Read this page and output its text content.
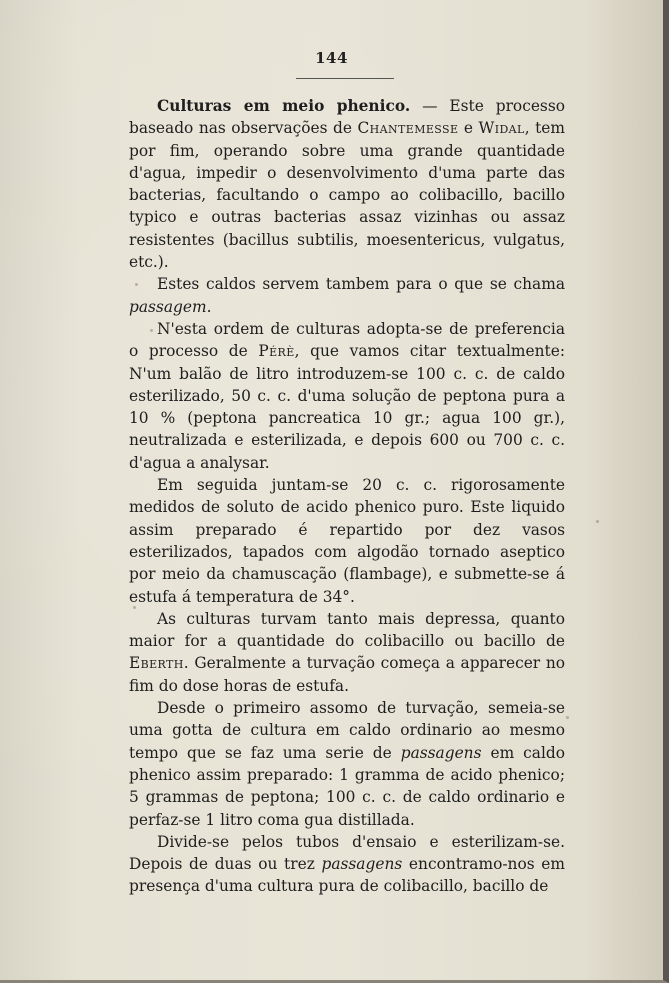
144

Culturas em meio phenico. — Este processo baseado nas observações de Chantemesse e Widal, tem por fim, operando sobre uma grande quantidade d'agua, impedir o desenvolvimento d'uma parte das bacterias, facultando o campo ao colibacillo, bacillo typico e outras bacterias assaz vizinhas ou assaz resistentes (bacillus subtilis, moesentericus, vulgatus, etc.).

Estes caldos servem tambem para o que se chama passagem.

N'esta ordem de culturas adopta-se de preferencia o processo de Pérè, que vamos citar textualmente: N'um balão de litro introduzem-se 100 c. c. de caldo esterilizado, 50 c. c. d'uma solução de peptona pura a 10 % (peptona pancreatica 10 gr.; agua 100 gr.), neutralizada e esterilizada, e depois 600 ou 700 c. c. d'agua a analysar.

Em seguida juntam-se 20 c. c. rigorosamente medidos de soluto de acido phenico puro. Este liquido assim preparado é repartido por dez vasos esterilizados, tapados com algodão tornado aseptico por meio da chamuscação (flambage), e submette-se á estufa á temperatura de 34°.

As culturas turvam tanto mais depressa, quanto maior for a quantidade do colibacillo ou bacillo de Eberth. Geralmente a turvação começa a apparecer no fim do dose horas de estufa.

Desde o primeiro assomo de turvação, semeia-se uma gotta de cultura em caldo ordinario ao mesmo tempo que se faz uma serie de passagens em caldo phenico assim preparado: 1 gramma de acido phenico; 5 grammas de peptona; 100 c. c. de caldo ordinario e perfaz-se 1 litro coma gua distillada.

Divide-se pelos tubos d'ensaio e esterilizam-se. Depois de duas ou trez passagens encontramo-nos em presença d'uma cultura pura de colibacillo, bacillo de
